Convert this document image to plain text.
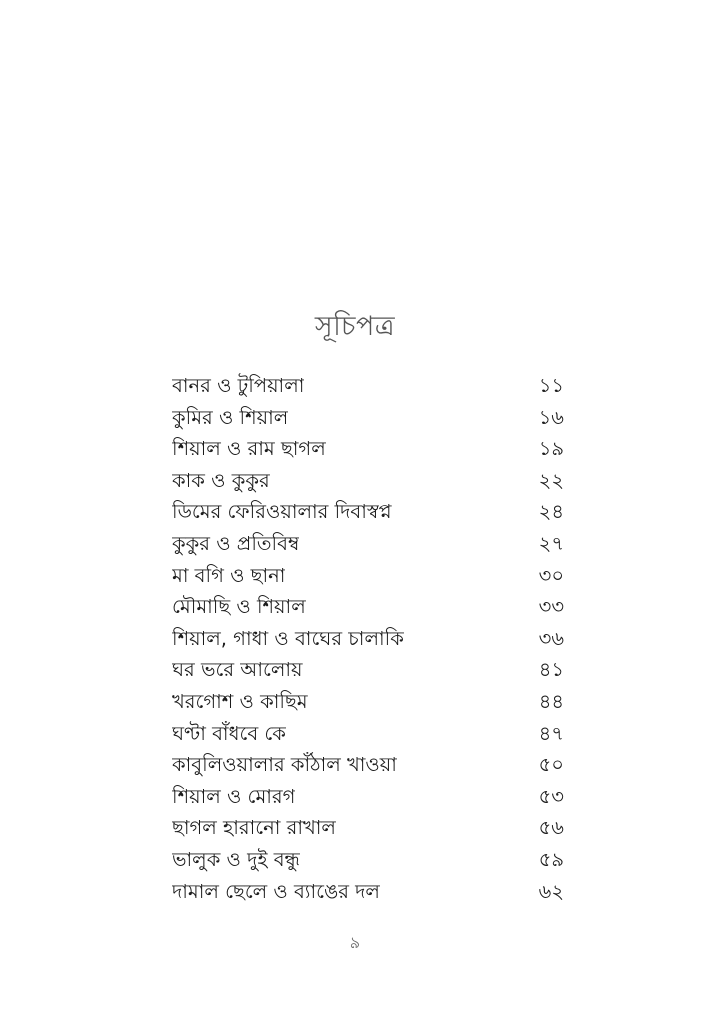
সূচিপত্র
বানর ও টুপিয়ালা	১১
কুমির ও শিয়াল	১৬
শিয়াল ও রাম ছাগল	১৯
কাক ও কুকুর	২২
ডিমের ফেরিওয়ালার দিবাস্বপ্ন	২৪
কুকুর ও প্রতিবিম্ব	২৭
মা বগি ও ছানা	৩০
মৌমাছি ও শিয়াল	৩৩
শিয়াল, গাধা ও বাঘের চালাকি	৩৬
ঘর ভরে আলোয়	৪১
খরগোশ ও কাছিম	৪৪
ঘণ্টা বাঁধবে কে	৪৭
কাবুলিওয়ালার কাঁঠাল খাওয়া	৫০
শিয়াল ও মোরগ	৫৩
ছাগল হারানো রাখাল	৫৬
ভালুক ও দুই বন্ধু	৫৯
দামাল ছেলে ও ব্যাঙের দল	৬২
৯
